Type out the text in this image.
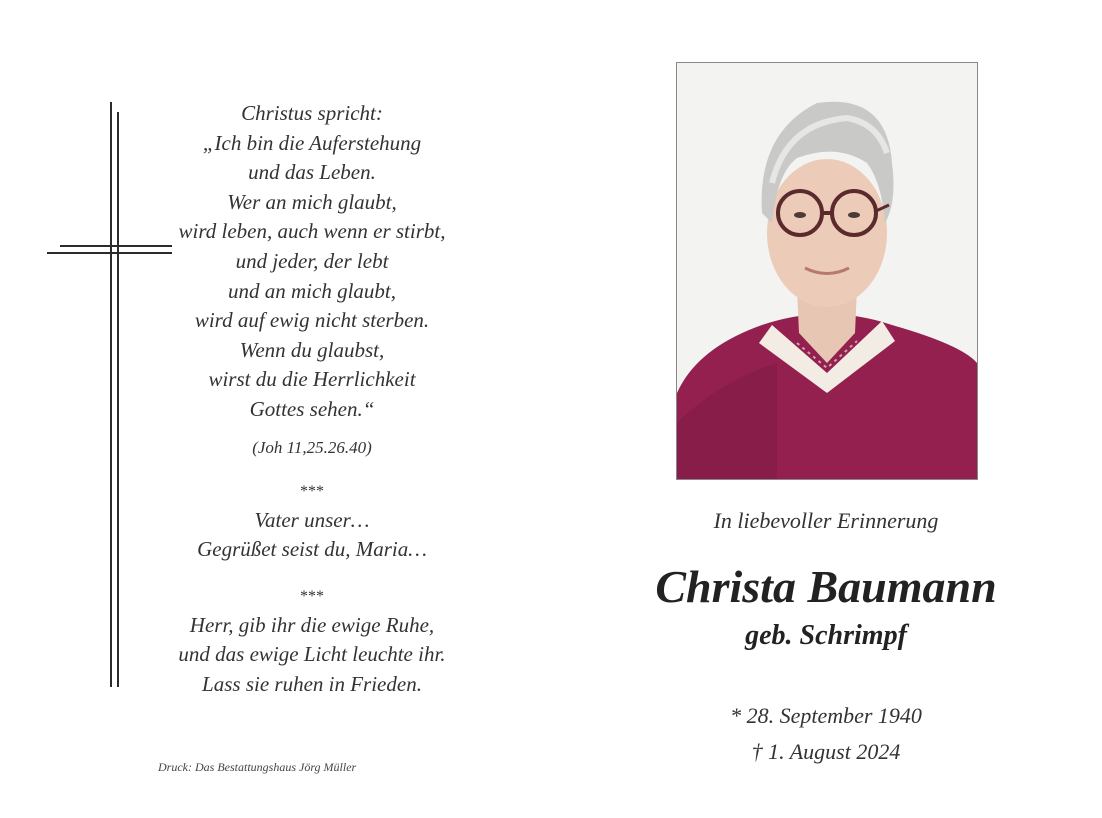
Christus spricht:
„Ich bin die Auferstehung
und das Leben.
Wer an mich glaubt,
wird leben, auch wenn er stirbt,
und jeder, der lebt
und an mich glaubt,
wird auf ewig nicht sterben.
Wenn du glaubst,
wirst du die Herrlichkeit
Gottes sehen.“
(Joh 11,25.26.40)
***
Vater unser…
Gegrüßet seist du, Maria…
***
Herr, gib ihr die ewige Ruhe,
und das ewige Licht leuchte ihr.
Lass sie ruhen in Frieden.
Druck: Das Bestattungshaus Jörg Müller
In liebevoller Erinnerung
Christa Baumann
geb. Schrimpf
* 28. September 1940
† 1. August 2024
